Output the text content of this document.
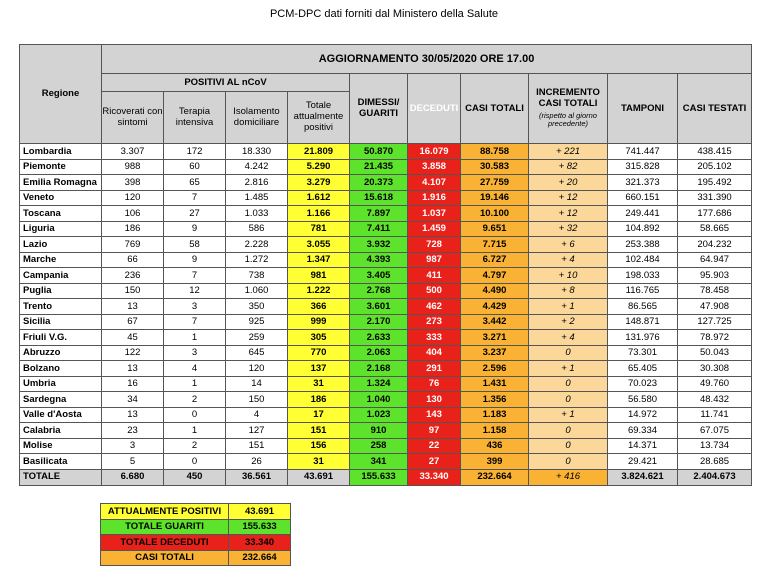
PCM-DPC dati forniti dal Ministero della Salute
Regione	AGGIORNAMENTO 30/05/2020 ORE 17.00									
	POSITIVI AL nCoV				DIMESSI/ GUARITI	DECEDUTI	CASI TOTALI	INCREMENTO CASI TOTALI
(rispetto al giorno precedente)	TAMPONI	CASI TESTATI
	Ricoverati con sintomi	Terapia intensiva	Isolamento domiciliare	Totale attualmente positivi						
Lombardia	3.307	172	18.330	21.809	50.870	16.079	88.758	+ 221	741.447	438.415
Piemonte	988	60	4.242	5.290	21.435	3.858	30.583	+ 82	315.828	205.102
Emilia Romagna	398	65	2.816	3.279	20.373	4.107	27.759	+ 20	321.373	195.492
Veneto	120	7	1.485	1.612	15.618	1.916	19.146	+ 12	660.151	331.390
Toscana	106	27	1.033	1.166	7.897	1.037	10.100	+ 12	249.441	177.686
Liguria	186	9	586	781	7.411	1.459	9.651	+ 32	104.892	58.665
Lazio	769	58	2.228	3.055	3.932	728	7.715	+ 6	253.388	204.232
Marche	66	9	1.272	1.347	4.393	987	6.727	+ 4	102.484	64.947
Campania	236	7	738	981	3.405	411	4.797	+ 10	198.033	95.903
Puglia	150	12	1.060	1.222	2.768	500	4.490	+ 8	116.765	78.458
Trento	13	3	350	366	3.601	462	4.429	+ 1	86.565	47.908
Sicilia	67	7	925	999	2.170	273	3.442	+ 2	148.871	127.725
Friuli V.G.	45	1	259	305	2.633	333	3.271	+ 4	131.976	78.972
Abruzzo	122	3	645	770	2.063	404	3.237	0	73.301	50.043
Bolzano	13	4	120	137	2.168	291	2.596	+ 1	65.405	30.308
Umbria	16	1	14	31	1.324	76	1.431	0	70.023	49.760
Sardegna	34	2	150	186	1.040	130	1.356	0	56.580	48.432
Valle d'Aosta	13	0	4	17	1.023	143	1.183	+ 1	14.972	11.741
Calabria	23	1	127	151	910	97	1.158	0	69.334	67.075
Molise	3	2	151	156	258	22	436	0	14.371	13.734
Basilicata	5	0	26	31	341	27	399	0	29.421	28.685
TOTALE	6.680	450	36.561	43.691	155.633	33.340	232.664	+ 416	3.824.621	2.404.673
ATTUALMENTE POSITIVI	43.691
TOTALE GUARITI	155.633
TOTALE DECEDUTI	33.340
CASI TOTALI	232.664
